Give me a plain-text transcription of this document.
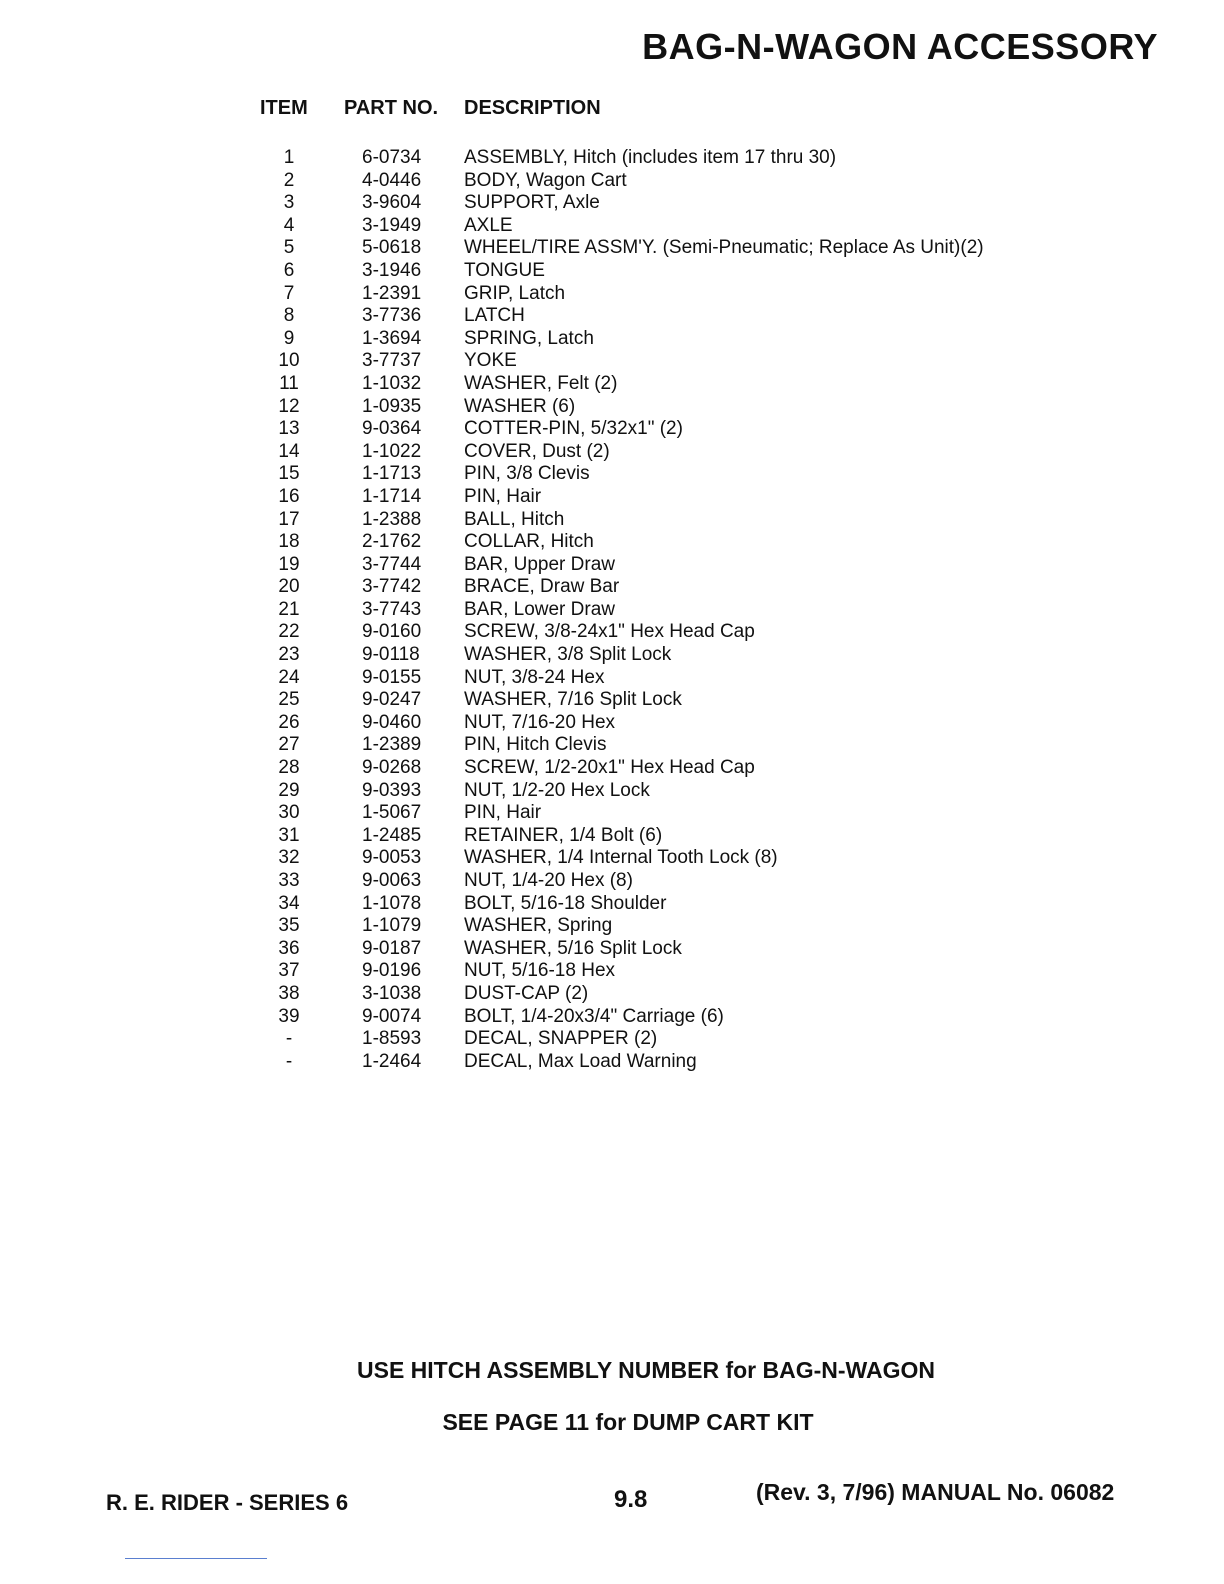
BAG-N-WAGON ACCESSORY
ITEM PART NO. DESCRIPTION
1	6-0734 ASSEMBLY, Hitch (includes item 17 thru 30)
2	4-0446 BODY, Wagon Cart
3	3-9604 SUPPORT, Axle
4	3-1949 AXLE
5	5-0618 WHEEL/TIRE ASSM'Y. (Semi-Pneumatic; Replace As Unit)(2)
6	3-1946 TONGUE
7	1-2391 GRIP, Latch
8	3-7736 LATCH
9	1-3694 SPRING, Latch
10	3-7737 YOKE
11	1-1032 WASHER, Felt (2)
12	1-0935 WASHER (6)
13	9-0364 COTTER-PIN, 5/32x1" (2)
14	1-1022 COVER, Dust (2)
15	1-1713 PIN, 3/8 Clevis
16	1-1714 PIN, Hair
17	1-2388 BALL, Hitch
18	2-1762 COLLAR, Hitch
19	3-7744 BAR, Upper Draw
20	3-7742 BRACE, Draw Bar
21	3-7743 BAR, Lower Draw
22	9-0160 SCREW, 3/8-24x1" Hex Head Cap
23	9-0118 WASHER, 3/8 Split Lock
24	9-0155 NUT, 3/8-24 Hex
25	9-0247 WASHER, 7/16 Split Lock
26	9-0460 NUT, 7/16-20 Hex
27	1-2389 PIN, Hitch Clevis
28	9-0268 SCREW, 1/2-20x1" Hex Head Cap
29	9-0393 NUT, 1/2-20 Hex Lock
30	1-5067 PIN, Hair
31	1-2485 RETAINER, 1/4 Bolt (6)
32	9-0053 WASHER, 1/4 Internal Tooth Lock (8)
33	9-0063 NUT, 1/4-20 Hex (8)
34	1-1078 BOLT, 5/16-18 Shoulder
35	1-1079 WASHER, Spring
36	9-0187 WASHER, 5/16 Split Lock
37	9-0196 NUT, 5/16-18 Hex
38	3-1038 DUST-CAP (2)
39	9-0074 BOLT, 1/4-20x3/4" Carriage (6)
-	1-8593 DECAL, SNAPPER (2)
-	1-2464 DECAL, Max Load Warning
USE HITCH ASSEMBLY NUMBER for BAG-N-WAGON
SEE PAGE 11 for DUMP CART KIT
R. E. RIDER - SERIES 6	9.8	(Rev. 3, 7/96) MANUAL No. 06082
